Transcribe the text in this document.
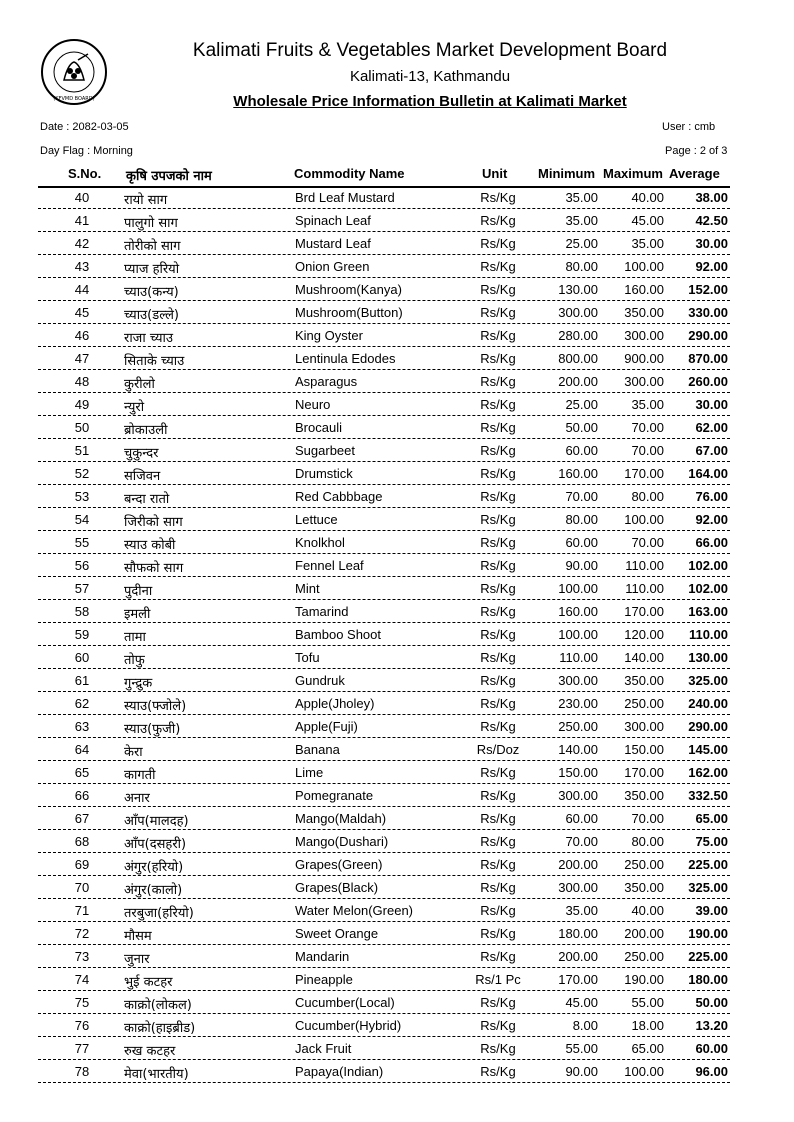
(KFVMD BOARD)
Kalimati Fruits & Vegetables Market Development Board
Kalimati-13, Kathmandu
Wholesale Price Information Bulletin at Kalimati Market
Date : 2082-03-05	User : cmb
Day Flag : Morning	Page : 2 of 3
S.No. कृषि उपजको नाम	Commodity Name	Unit Minimum Maximum Average
40	रायो साग	Brd Leaf Mustard	Rs/Kg	35.00	40.00	38.00
41	पालुगो साग	Spinach Leaf	Rs/Kg	35.00	45.00	42.50
42	तोरीको साग	Mustard Leaf	Rs/Kg	25.00	35.00	30.00
43	प्याज हरियो	Onion Green	Rs/Kg	80.00	100.00	92.00
44	च्याउ(कन्य)	Mushroom(Kanya)	Rs/Kg	130.00	160.00	152.00
45	च्याउ(डल्ले)	Mushroom(Button)	Rs/Kg	300.00	350.00	330.00
46	राजा च्याउ	King Oyster	Rs/Kg	280.00	300.00	290.00
47	सिताके च्याउ	Lentinula Edodes	Rs/Kg	800.00	900.00	870.00
48	कुरीलो	Asparagus	Rs/Kg	200.00	300.00	260.00
49	न्युरो	Neuro	Rs/Kg	25.00	35.00	30.00
50	ब्रोकाउली	Brocauli	Rs/Kg	50.00	70.00	62.00
51	चुकुन्दर	Sugarbeet	Rs/Kg	60.00	70.00	67.00
52	सजिवन	Drumstick	Rs/Kg	160.00	170.00	164.00
53	बन्दा रातो	Red Cabbbage	Rs/Kg	70.00	80.00	76.00
54	जिरीको साग	Lettuce	Rs/Kg	80.00	100.00	92.00
55	स्याउ कोबी	Knolkhol	Rs/Kg	60.00	70.00	66.00
56	सौफको साग	Fennel Leaf	Rs/Kg	90.00	110.00	102.00
57	पुदीना	Mint	Rs/Kg	100.00	110.00	102.00
58	इमली	Tamarind	Rs/Kg	160.00	170.00	163.00
59	तामा	Bamboo Shoot	Rs/Kg	100.00	120.00	110.00
60	तोफु	Tofu	Rs/Kg	110.00	140.00	130.00
61	गुन्द्रुक	Gundruk	Rs/Kg	300.00	350.00	325.00
62	स्याउ(फ्जोले)	Apple(Jholey)	Rs/Kg	230.00	250.00	240.00
63	स्याउ(फुजी)	Apple(Fuji)	Rs/Kg	250.00	300.00	290.00
64	केरा	Banana	Rs/Doz	140.00	150.00	145.00
65	कागती	Lime	Rs/Kg	150.00	170.00	162.00
66	अनार	Pomegranate	Rs/Kg	300.00	350.00	332.50
67	आँप(मालदह)	Mango(Maldah)	Rs/Kg	60.00	70.00	65.00
68	आँप(दसहरी)	Mango(Dushari)	Rs/Kg	70.00	80.00	75.00
69	अंगुर(हरियो)	Grapes(Green)	Rs/Kg	200.00	250.00	225.00
70	अंगुर(कालो)	Grapes(Black)	Rs/Kg	300.00	350.00	325.00
71	तरबुजा(हरियो)	Water Melon(Green)	Rs/Kg	35.00	40.00	39.00
72	मौसम	Sweet Orange	Rs/Kg	180.00	200.00	190.00
73	जुनार	Mandarin	Rs/Kg	200.00	250.00	225.00
74	भुई कटहर	Pineapple	Rs/1 Pc	170.00	190.00	180.00
75	काक्रो(लोकल)	Cucumber(Local)	Rs/Kg	45.00	55.00	50.00
76	काक्रो(हाइब्रीड)	Cucumber(Hybrid)	Rs/Kg	8.00	18.00	13.20
77	रुख कटहर	Jack Fruit	Rs/Kg	55.00	65.00	60.00
78	मेवा(भारतीय)	Papaya(Indian)	Rs/Kg	90.00	100.00	96.00
